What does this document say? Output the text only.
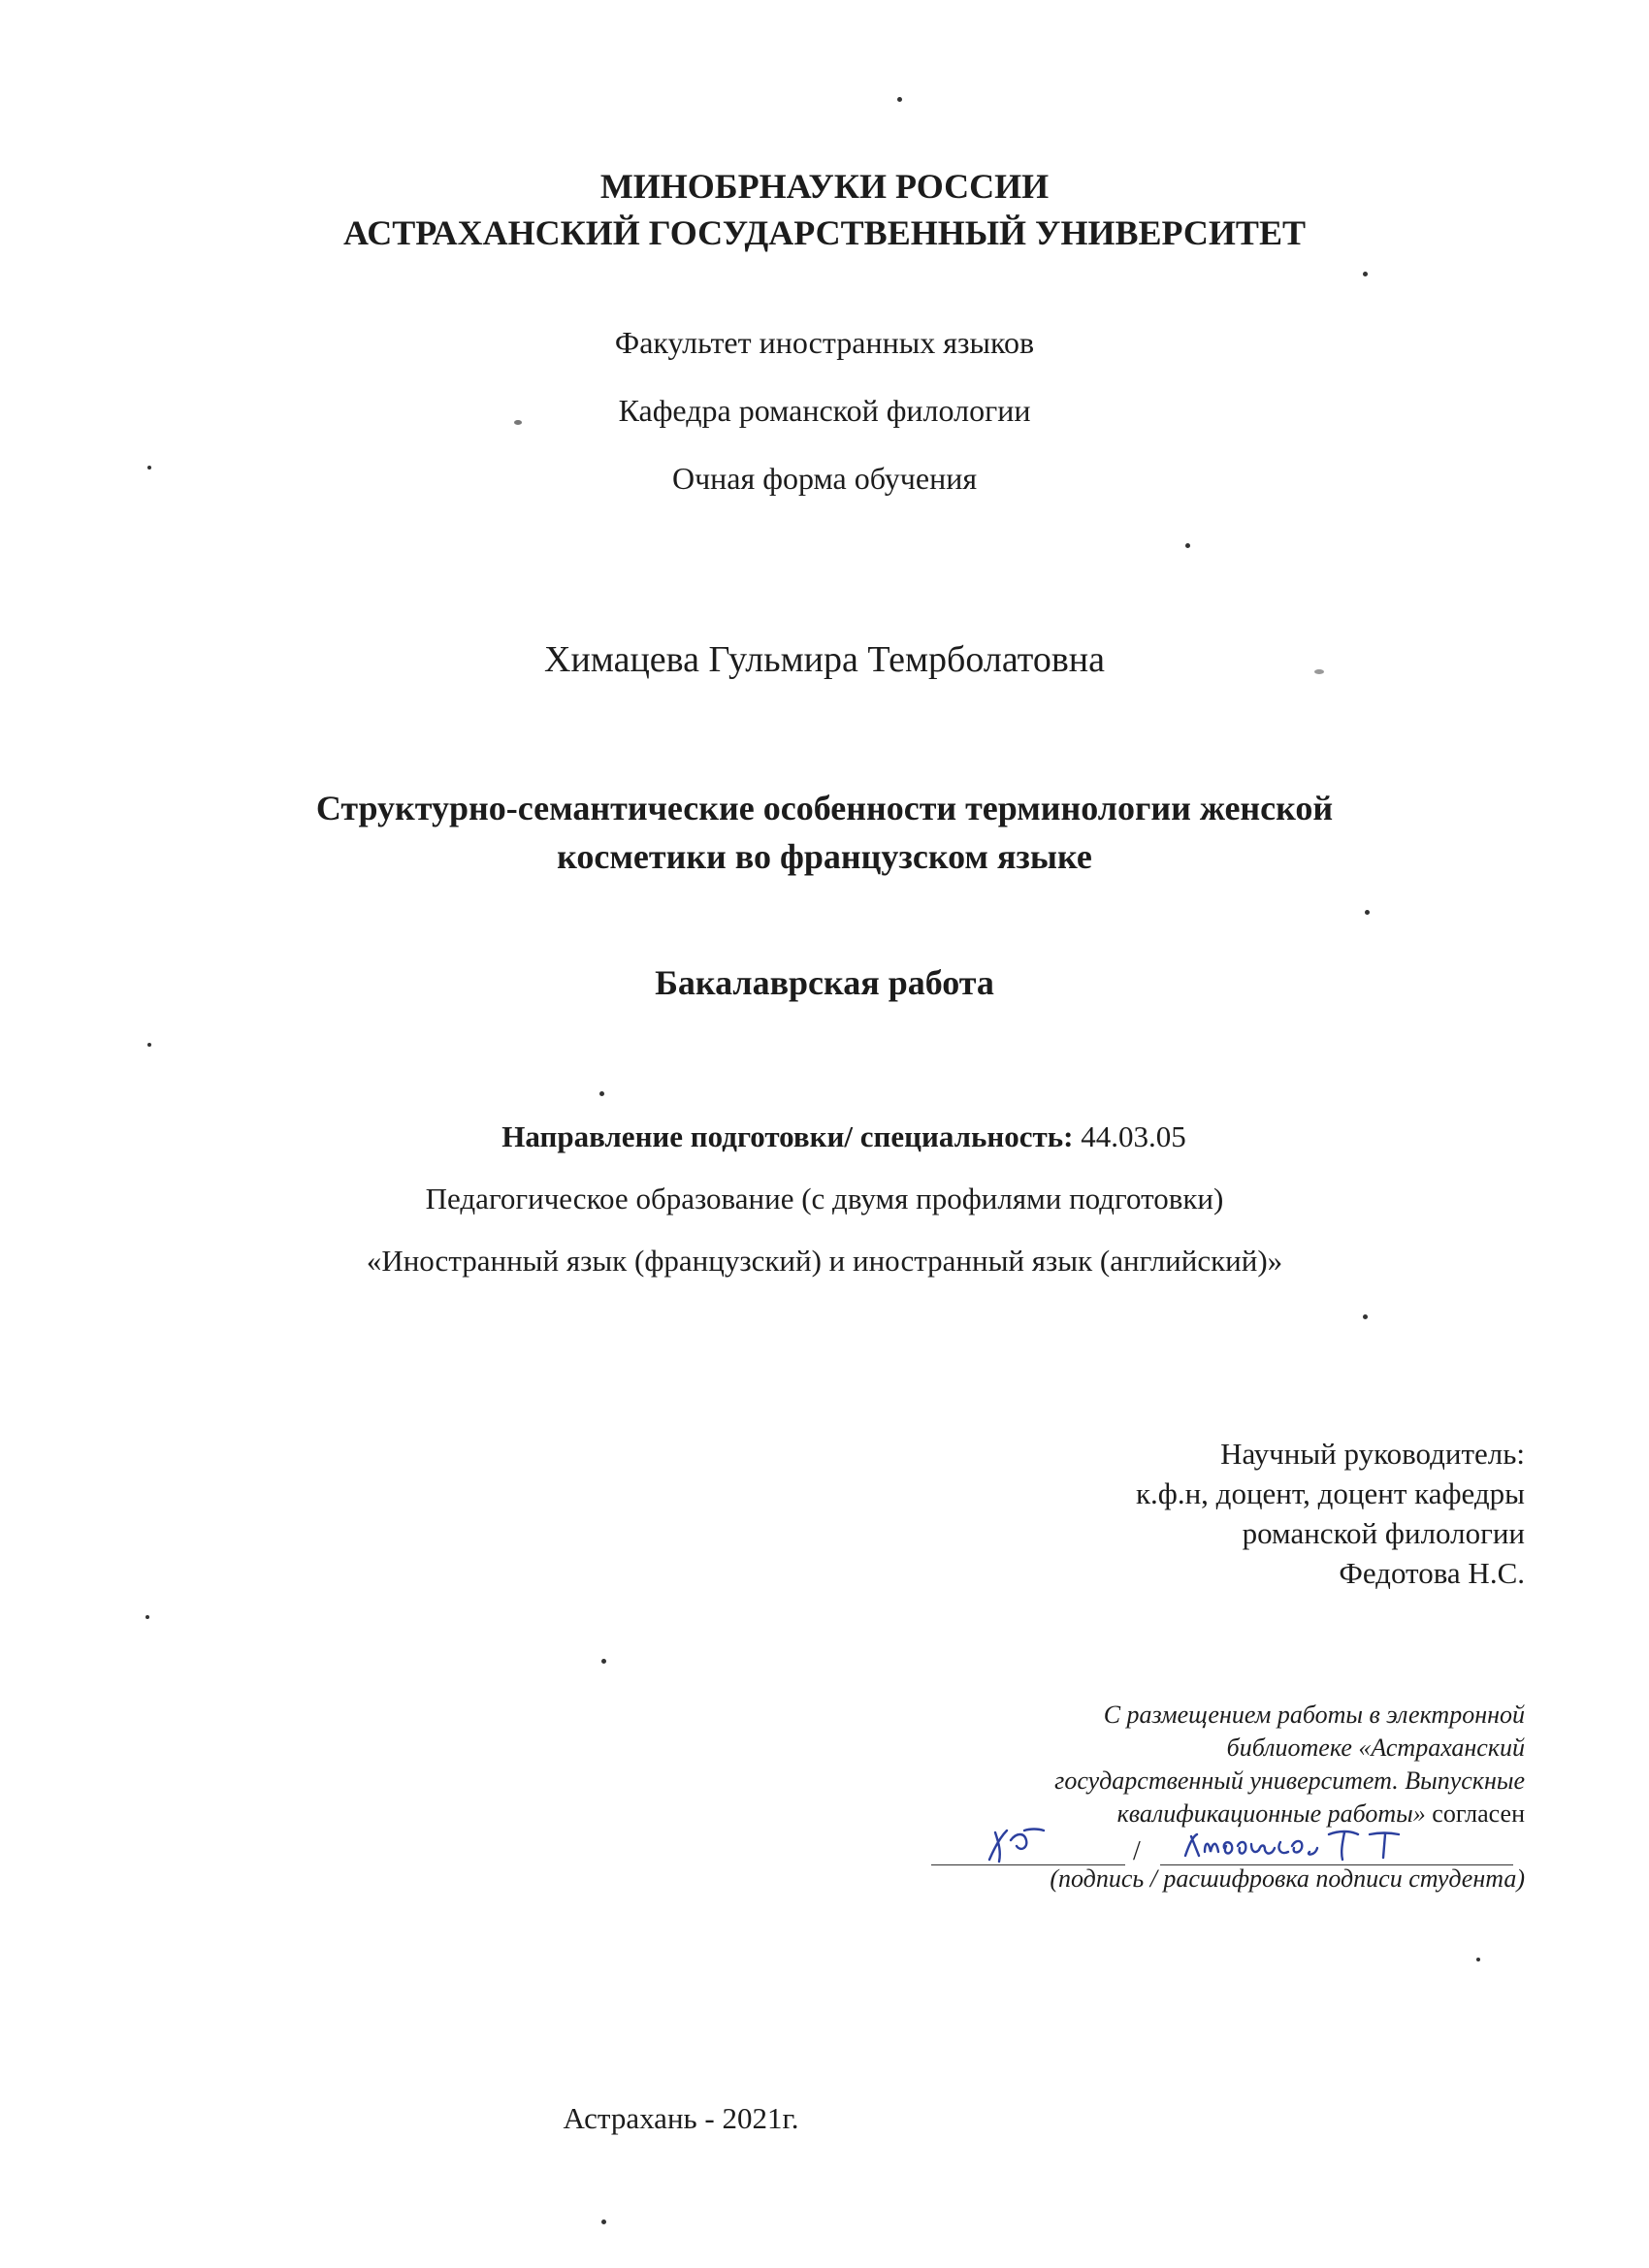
МИНОБРНАУКИ РОССИИ
АСТРАХАНСКИЙ ГОСУДАРСТВЕННЫЙ УНИВЕРСИТЕТ
Факультет иностранных языков
Кафедра романской филологии
Очная форма обучения
Химацева Гульмира Темрболатовна
Структурно-семантические особенности терминологии женской
косметики во французском языке
Бакалаврская работа
Направление подготовки/ специальность: 44.03.05
Педагогическое образование (с двумя профилями подготовки)
«Иностранный язык (французский) и иностранный язык (английский)»
Научный руководитель:
к.ф.н, доцент, доцент кафедры
романской филологии
Федотова Н.С.
С размещением работы в электронной
библиотеке «Астраханский
государственный университет. Выпускные
квалификационные работы» согласен
/
(подпись / расшифровка подписи студента)
Астрахань - 2021г.
